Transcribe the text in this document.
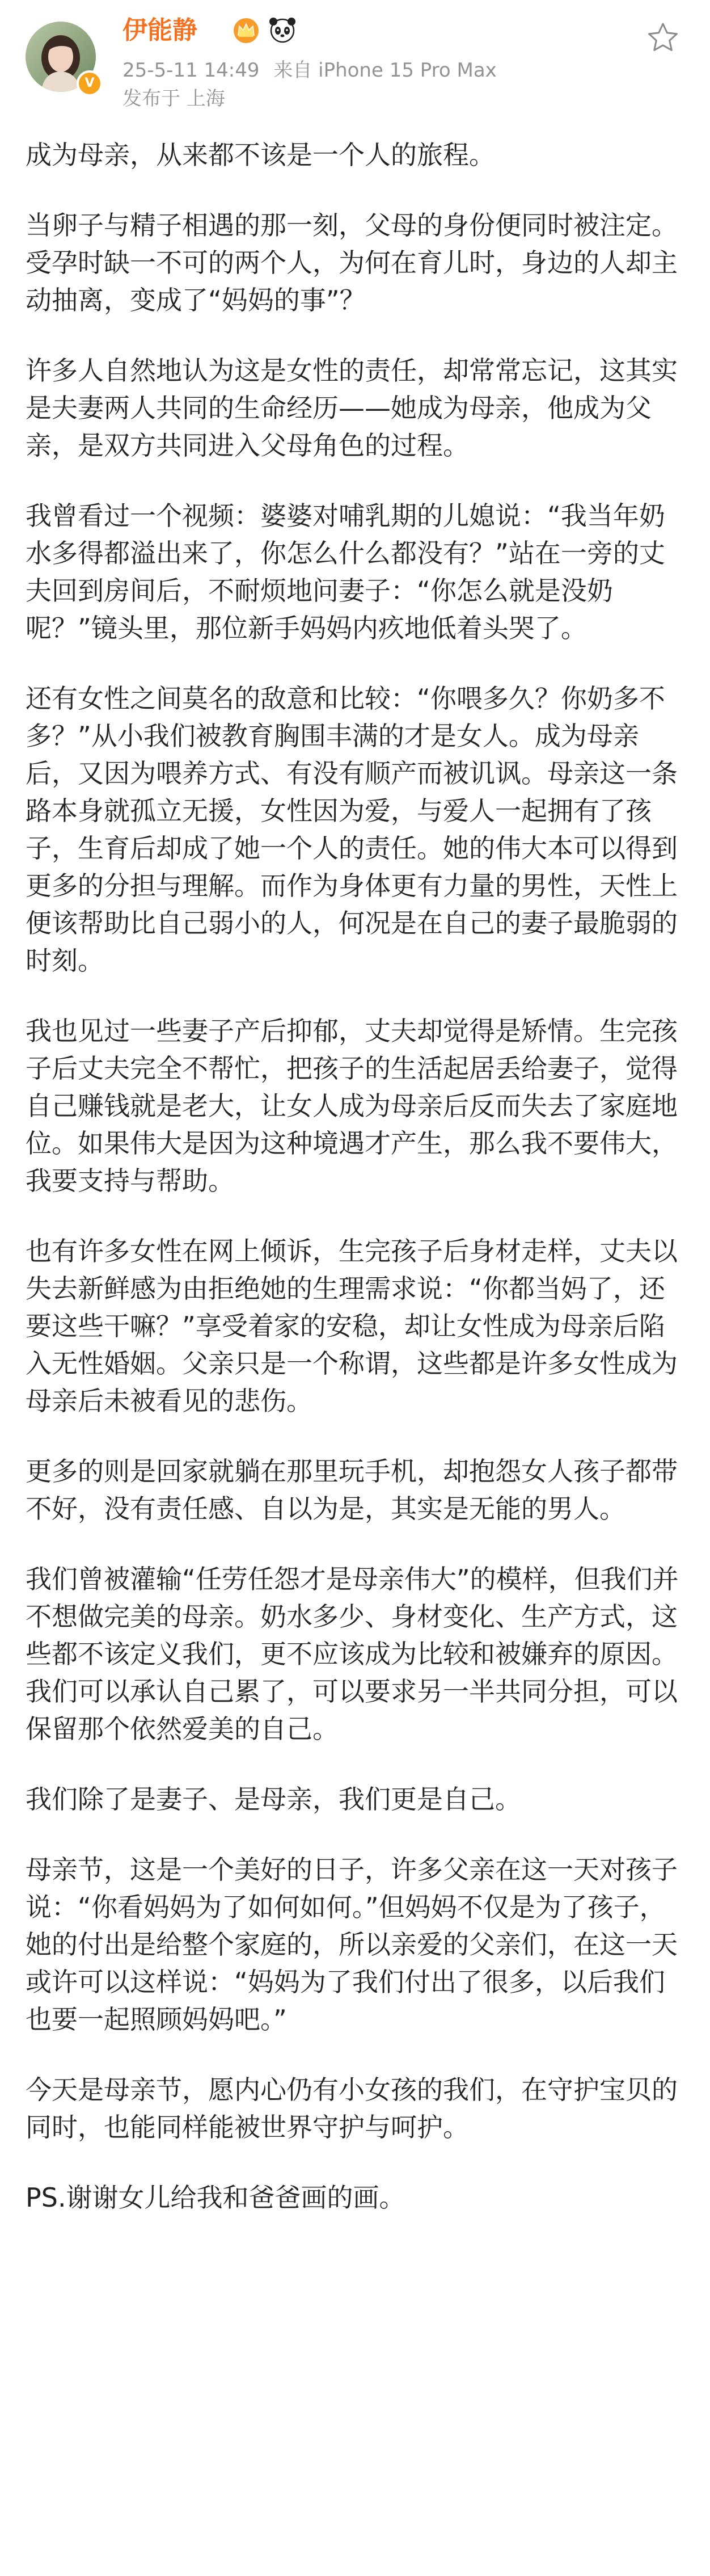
V
伊能静
25-5-11 14:49 来自 iPhone 15 Pro Max
发布于 上海

成为母亲，从来都不该是一个人的旅程。

当卵子与精子相遇的那一刻，父母的身份便同时被注定。受孕时缺一不可的两个人，为何在育儿时，身边的人却主动抽离，变成了“妈妈的事”？

许多人自然地认为这是女性的责任，却常常忘记，这其实是夫妻两人共同的生命经历——她成为母亲，他成为父亲，是双方共同进入父母角色的过程。

我曾看过一个视频：婆婆对哺乳期的儿媳说：“我当年奶水多得都溢出来了，你怎么什么都没有？”站在一旁的丈夫回到房间后，不耐烦地问妻子：“你怎么就是没奶呢？”镜头里，那位新手妈妈内疚地低着头哭了。

还有女性之间莫名的敌意和比较：“你喂多久？你奶多不多？”从小我们被教育胸围丰满的才是女人。成为母亲后，又因为喂养方式、有没有顺产而被讥讽。母亲这一条路本身就孤立无援，女性因为爱，与爱人一起拥有了孩子，生育后却成了她一个人的责任。她的伟大本可以得到更多的分担与理解。而作为身体更有力量的男性，天性上便该帮助比自己弱小的人，何况是在自己的妻子最脆弱的时刻。

我也见过一些妻子产后抑郁，丈夫却觉得是矫情。生完孩子后丈夫完全不帮忙，把孩子的生活起居丢给妻子，觉得自己赚钱就是老大，让女人成为母亲后反而失去了家庭地位。如果伟大是因为这种境遇才产生，那么我不要伟大，我要支持与帮助。

也有许多女性在网上倾诉，生完孩子后身材走样，丈夫以失去新鲜感为由拒绝她的生理需求说：“你都当妈了，还要这些干嘛？”享受着家的安稳，却让女性成为母亲后陷入无性婚姻。父亲只是一个称谓，这些都是许多女性成为母亲后未被看见的悲伤。

更多的则是回家就躺在那里玩手机，却抱怨女人孩子都带不好，没有责任感、自以为是，其实是无能的男人。

我们曾被灌输“任劳任怨才是母亲伟大”的模样，但我们并不想做完美的母亲。奶水多少、身材变化、生产方式，这些都不该定义我们，更不应该成为比较和被嫌弃的原因。我们可以承认自己累了，可以要求另一半共同分担，可以保留那个依然爱美的自己。

我们除了是妻子、是母亲，我们更是自己。

母亲节，这是一个美好的日子，许多父亲在这一天对孩子说：“你看妈妈为了如何如何。”但妈妈不仅是为了孩子，她的付出是给整个家庭的，所以亲爱的父亲们，在这一天或许可以这样说：“妈妈为了我们付出了很多，以后我们也要一起照顾妈妈吧。”

今天是母亲节，愿内心仍有小女孩的我们，在守护宝贝的同时，也能同样能被世界守护与呵护。

PS.谢谢女儿给我和爸爸画的画。
